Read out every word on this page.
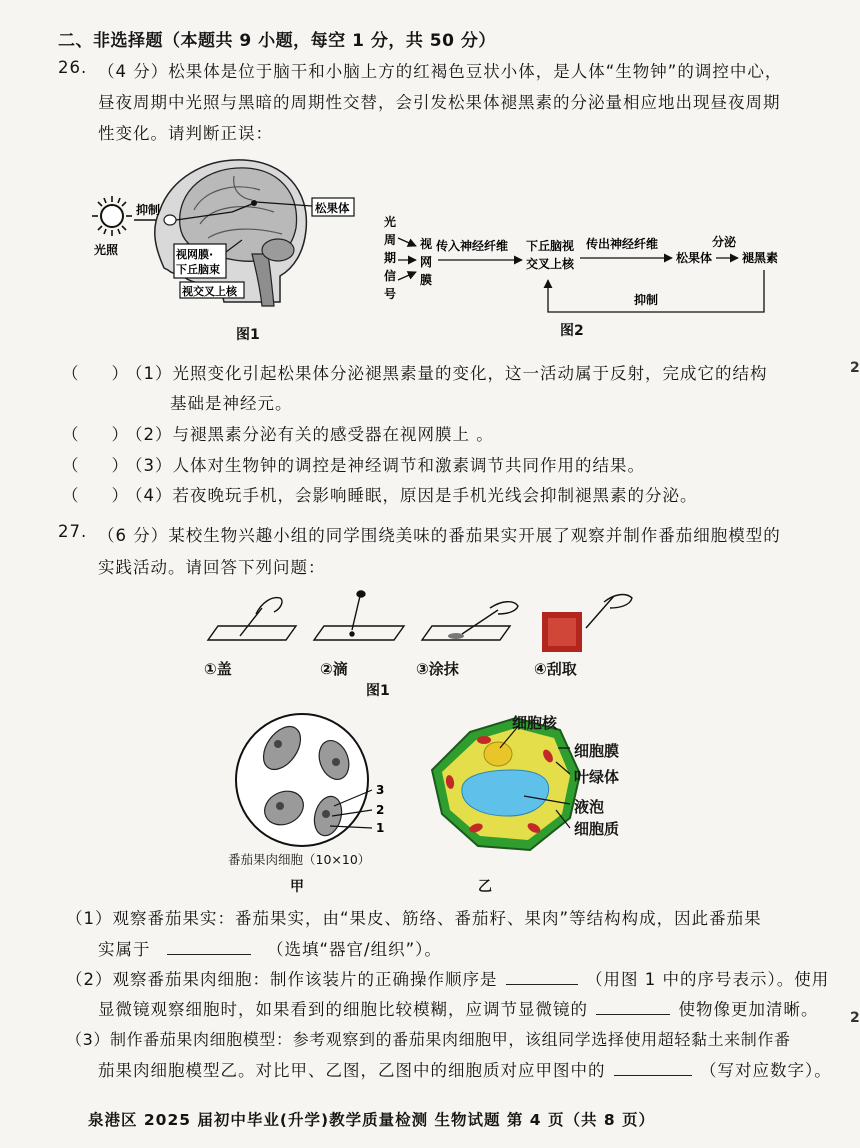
二、非选择题（本题共 9 小题，每空 1 分，共 50 分）
26. （4 分）松果体是位于脑干和小脑上方的红褐色豆状小体，是人体“生物钟”的调控中心，
昼夜周期中光照与黑暗的周期性交替，会引发松果体褪黑素的分泌量相应地出现昼夜周期
性变化。请判断正误：
抑制
光照
松果体
视网膜·
下丘脑束
视交叉上核
图1
光
周
期
信
号
视
网
膜
传入神经纤维 下丘脑视
交叉上核
传出神经纤维
松果体
分泌
褪黑素
抑制
图2
（　　）
（1）光照变化引起松果体分泌褪黑素量的变化，这一活动属于反射，完成它的结构
基础是神经元。
（　　）
（2）与褪黑素分泌有关的感受器在视网膜上 。
（　　）
（3）人体对生物钟的调控是神经调节和激素调节共同作用的结果。
（　　）
（4）若夜晚玩手机，会影响睡眠，原因是手机光线会抑制褪黑素的分泌。
27. （6 分）某校生物兴趣小组的同学围绕美味的番茄果实开展了观察并制作番茄细胞模型的
实践活动。请回答下列问题：
①盖	②滴	③涂抹	④刮取
图1
3
2
1
番茄果肉细胞（10×10）
甲
细胞核
细胞膜
叶绿体
液泡
细胞质
乙
（1）观察番茄果实：番茄果实，由“果皮、筋络、番茄籽、果肉”等结构构成，因此番茄果
实属于	（选填“器官/组织”）。
（2）观察番茄果肉细胞：制作该装片的正确操作顺序是	（用图 1 中的序号表示）。使用
显微镜观察细胞时，如果看到的细胞比较模糊，应调节显微镜的	使物像更加清晰。
（3）制作番茄果肉细胞模型：参考观察到的番茄果肉细胞甲，该组同学选择使用超轻黏土来制作番
茄果肉细胞模型乙。对比甲、乙图，乙图中的细胞质对应甲图中的	（写对应数字）。
泉港区 2025 届初中毕业(升学)教学质量检测 生物试题 第 4 页（共 8 页）
2
2
